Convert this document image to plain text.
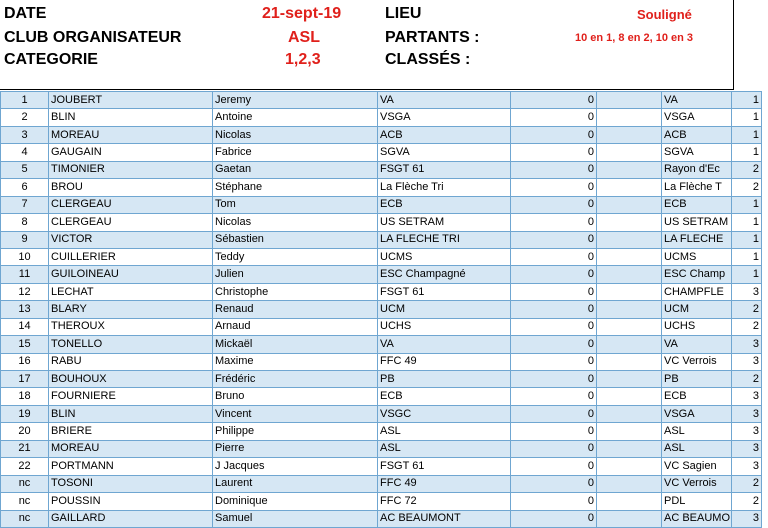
DATE	21-sept-19	LIEU	Souligné
CLUB ORGANISATEUR	ASL	PARTANTS :	10 en 1, 8 en 2, 10 en 3
CATEGORIE	1,2,3	CLASSÉS :
1	JOUBERT	Jeremy	VA	0		VA	1
2	BLIN	Antoine	VSGA	0		VSGA	1
3	MOREAU	Nicolas	ACB	0		ACB	1
4	GAUGAIN	Fabrice	SGVA	0		SGVA	1
5	TIMONIER	Gaetan	FSGT 61	0		Rayon d'Ec	2
6	BROU	Stéphane	La Flèche Tri	0		La Flèche T	2
7	CLERGEAU	Tom	ECB	0		ECB	1
8	CLERGEAU	Nicolas	US SETRAM	0		US SETRAM	1
9	VICTOR	Sébastien	LA FLECHE TRI	0		LA FLECHE	1
10	CUILLERIER	Teddy	UCMS	0		UCMS	1
11	GUILOINEAU	Julien	ESC Champagné	0		ESC Champ	1
12	LECHAT	Christophe	FSGT 61	0		CHAMPFLE	3
13	BLARY	Renaud	UCM	0		UCM	2
14	THEROUX	Arnaud	UCHS	0		UCHS	2
15	TONELLO	Mickaël	VA	0		VA	3
16	RABU	Maxime	FFC 49	0		VC Verrois	3
17	BOUHOUX	Frédéric	PB	0		PB	2
18	FOURNIERE	Bruno	ECB	0		ECB	3
19	BLIN	Vincent	VSGC	0		VSGA	3
20	BRIERE	Philippe	ASL	0		ASL	3
21	MOREAU	Pierre	ASL	0		ASL	3
22	PORTMANN	J Jacques	FSGT 61	0		VC Sagien	3
nc	TOSONI	Laurent	FFC 49	0		VC Verrois	2
nc	POUSSIN	Dominique	FFC 72	0		PDL	2
nc	GAILLARD	Samuel	AC BEAUMONT	0		AC BEAUMO	3
